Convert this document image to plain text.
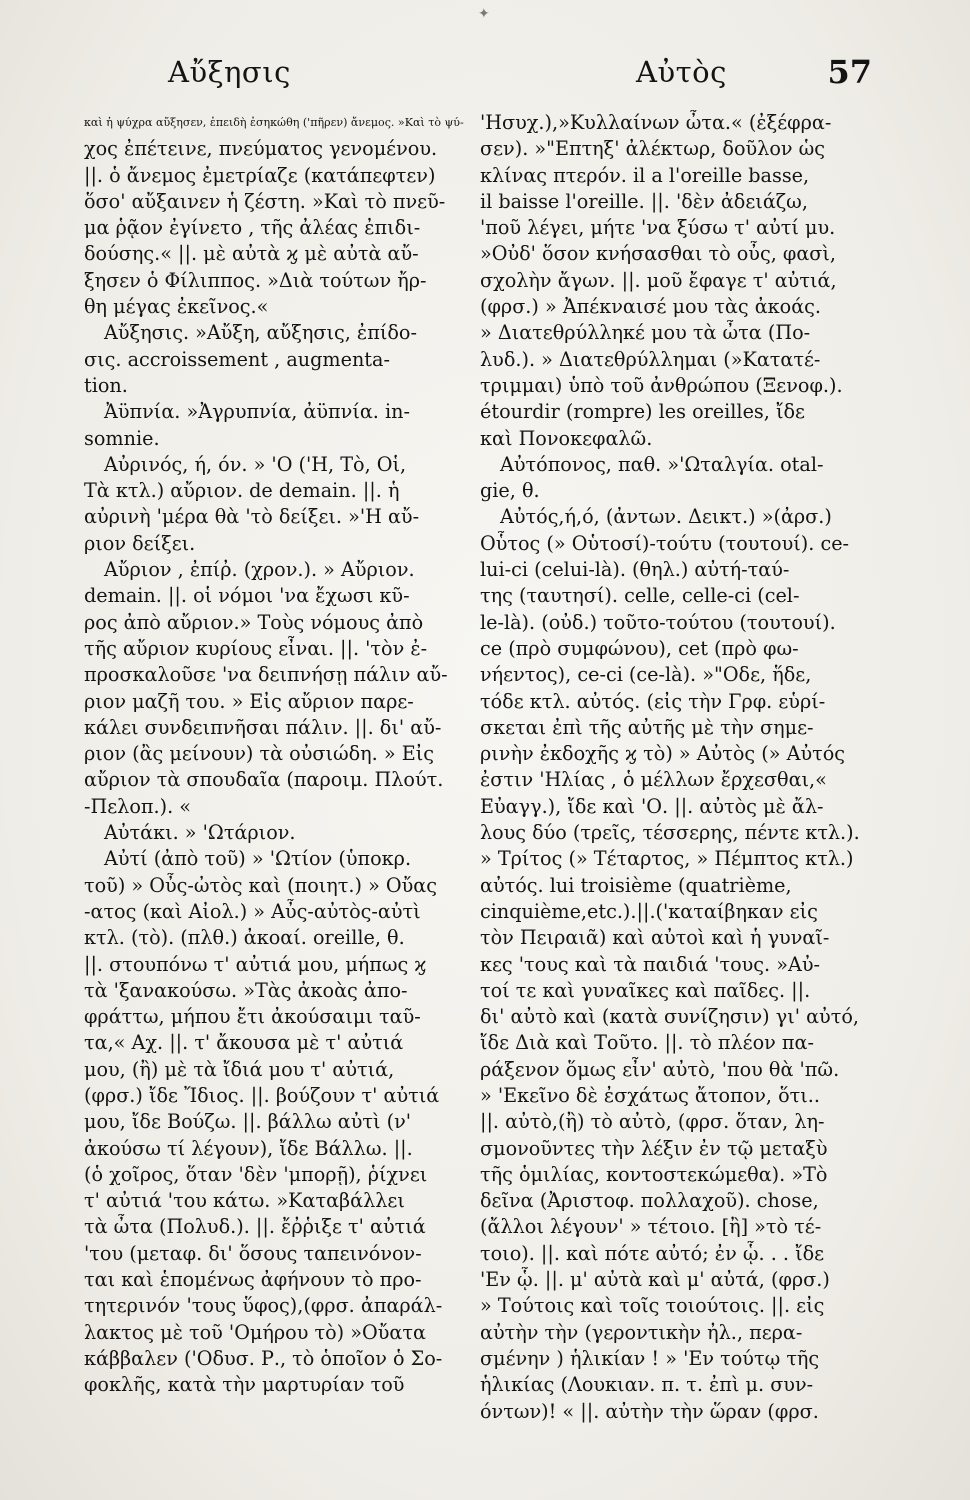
✦
Αὔξησις	Αὐτὸς	57
καὶ ἡ ψύχρα αὔξησεν, ἐπειδὴ ἐσηκώθη ('πῆρεν) ἄνεμος. »Καὶ τὸ ψύ-
χος ἐπέτεινε, πνεύματος γενομένου.
||. ὁ ἄνεμος ἐμετρίαζε (κατάπεφτεν)
ὅσο' αὔξαινεν ἡ ζέστη. »Καὶ τὸ πνεῦ-
μα ῥᾷον ἐγίνετο , τῆς ἀλέας ἐπιδι-
δούσης.« ||. μὲ αὐτὰ ϗ μὲ αὐτὰ αὔ-
ξησεν ὁ Φίλιππος. »Διὰ τούτων ἤρ-
θη μέγας ἐκεῖνος.«
Αὔξησις. »Αὔξη, αὔξησις, ἐπίδο-
σις. accroissement , augmenta-
tion.
Ἀϋπνία. »Ἀγρυπνία, ἀϋπνία. in-
somnie.
Αὐρινός, ή, όν. » 'Ο ('Η, Τὸ, Οἱ,
Τὰ κτλ.) αὔριον. de demain. ||. ἡ
αὐρινὴ 'μέρα θὰ 'τὸ δείξει. »'Η αὔ-
ριον δείξει.
Αὔριον , ἐπίῤ. (χρον.). » Αὔριον.
demain. ||. οἱ νόμοι 'να ἔχωσι κῦ-
ρος ἀπὸ αὔριον.» Τοὺς νόμους ἀπὸ
τῆς αὔριον κυρίους εἶναι. ||. 'τὸν ἐ-
προσκαλοῦσε 'να δειπνήσῃ πάλιν αὔ-
ριον μαζῆ του. » Εἰς αὔριον παρε-
κάλει συνδειπνῆσαι πάλιν. ||. δι' αὔ-
ριον (ἂς μείνουν) τὰ οὐσιώδη. » Εἰς
αὔριον τὰ σπουδαῖα (παροιμ. Πλούτ.
-Πελοπ.). «
Αὐτάκι. » 'Ωτάριον.
Αὐτί (ἀπὸ τοῦ) » 'Ωτίον (ὑποκρ.
τοῦ) » Οὖς-ὠτὸς καὶ (ποιητ.) » Οὔας
-ατος (καὶ Αἰολ.) » Αὖς-αὐτὸς-αὐτὶ
κτλ. (τὸ). (πλθ.) ἀκοαί. oreille, θ.
||. στουπόνω τ' αὐτιά μου, μήπως ϗ
τὰ 'ξανακούσω. »Τὰς ἀκοὰς ἀπο-
φράττω, μήπου ἔτι ἀκούσαιμι ταῦ-
τα,« Αχ. ||. τ' ἄκουσα μὲ τ' αὐτιά
μου, (ἢ) μὲ τὰ ἴδιά μου τ' αὐτιά,
(φρσ.) ἴδε Ἴδιος. ||. βούζουν τ' αὐτιά
μου, ἴδε Βούζω. ||. βάλλω αὐτὶ (ν'
ἀκούσω τί λέγουν), ἴδε Βάλλω. ||.
(ὁ χοῖρος, ὅταν 'δὲν 'μπορῇ), ῥίχνει
τ' αὐτιά 'του κάτω. »Καταβάλλει
τὰ ὦτα (Πολυδ.). ||. ἔῤῥιξε τ' αὐτιά
'του (μεταφ. δι' ὅσους ταπεινόνον-
ται καὶ ἑπομένως ἀφήνουν τὸ προ-
τητερινόν 'τους ὕφος),(φρσ. ἀπαράλ-
λακτος μὲ τοῦ 'Ομήρου τὸ) »Οὔατα
κάββαλεν ('Οδυσ. Ρ., τὸ ὁποῖον ὁ Σο-
φοκλῆς, κατὰ τὴν μαρτυρίαν τοῦ
'Ησυχ.),»Κυλλαίνων ὦτα.« (ἐξέφρα-
σεν). »"Επτηξ' ἀλέκτωρ, δοῦλον ὡς
κλίνας πτερόν. il a l'oreille basse,
il baisse l'oreille. ||. 'δὲν ἀδειάζω,
'ποῦ λέγει, μήτε 'να ξύσω τ' αὐτί μυ.
»Οὐδ' ὅσον κνήσασθαι τὸ οὖς, φασὶ,
σχολὴν ἄγων. ||. μοῦ ἔφαγε τ' αὐτιά,
(φρσ.) » Ἀπέκναισέ μου τὰς ἀκοάς.
» Διατεθρύλληκέ μου τὰ ὦτα (Πο-
λυδ.). » Διατεθρύλλημαι (»Κατατέ-
τριμμαι) ὑπὸ τοῦ ἀνθρώπου (Ξενοφ.).
étourdir (rompre) les oreilles, ἴδε
καὶ Πονοκεφαλῶ.
Αὐτόπονος, παθ. »'Ωταλγία. otal-
gie, θ.
Αὐτός,ή,ό, (ἀντων. Δεικτ.) »(ἀρσ.)
Οὗτος (» Οὑτοσί)-τούτυ (τουτουί). ce-
lui-ci (celui-là). (θηλ.) αὐτή-ταύ-
της (ταυτησί). celle, celle-ci (cel-
le-là). (οὐδ.) τοῦτο-τούτου (τουτουί).
ce (πρὸ συμφώνου), cet (πρὸ φω-
νήεντος), ce-ci (ce-là). »"Οδε, ἥδε,
τόδε κτλ. αὐτός. (εἰς τὴν Γρφ. εὑρί-
σκεται ἐπὶ τῆς αὐτῆς μὲ τὴν σημε-
ρινὴν ἐκδοχῆς ϗ τὸ) » Αὐτὸς (» Αὐτός
ἐστιν 'Ηλίας , ὁ μέλλων ἔρχεσθαι,«
Εὐαγγ.), ἴδε καὶ 'Ο. ||. αὐτὸς μὲ ἄλ-
λους δύο (τρεῖς, τέσσερης, πέντε κτλ.).
» Τρίτος (» Τέταρτος, » Πέμπτος κτλ.)
αὐτός. lui troisième (quatrième,
cinquième,etc.).||.('καταίβηκαν εἰς
τὸν Πειραιᾶ) καὶ αὐτοὶ καὶ ἡ γυναῖ-
κες 'τους καὶ τὰ παιδιά 'τους. »Αὐ-
τοί τε καὶ γυναῖκες καὶ παῖδες. ||.
δι' αὐτὸ καὶ (κατὰ συνίζησιν) γι' αὐτό,
ἴδε Διὰ καὶ Τοῦτο. ||. τὸ πλέον πα-
ράξενον ὅμως εἶν' αὐτὸ, 'που θὰ 'πῶ.
» 'Εκεῖνο δὲ ἐσχάτως ἄτοπον, ὅτι..
||. αὐτὸ,(ἢ) τὸ αὐτὸ, (φρσ. ὅταν, λη-
σμονοῦντες τὴν λέξιν ἐν τῷ μεταξὺ
τῆς ὁμιλίας, κοντοστεκώμεθα). »Τὸ
δεῖνα (Ἀριστοφ. πολλαχοῦ). chose,
(ἄλλοι λέγουν' » τέτοιο. [ἢ] »τὸ τέ-
τοιο). ||. καὶ πότε αὐτό; ἐν ᾧ. . . ἴδε
'Εν ᾧ. ||. μ' αὐτὰ καὶ μ' αὐτά, (φρσ.)
» Τούτοις καὶ τοῖς τοιούτοις. ||. εἰς
αὐτὴν τὴν (γεροντικὴν ἠλ., περα-
σμένην ) ἡλικίαν ! » 'Εν τούτῳ τῆς
ἡλικίας (Λουκιαν. π. τ. ἐπὶ μ. συν-
όντων)! « ||. αὐτὴν τὴν ὥραν (φρσ.
